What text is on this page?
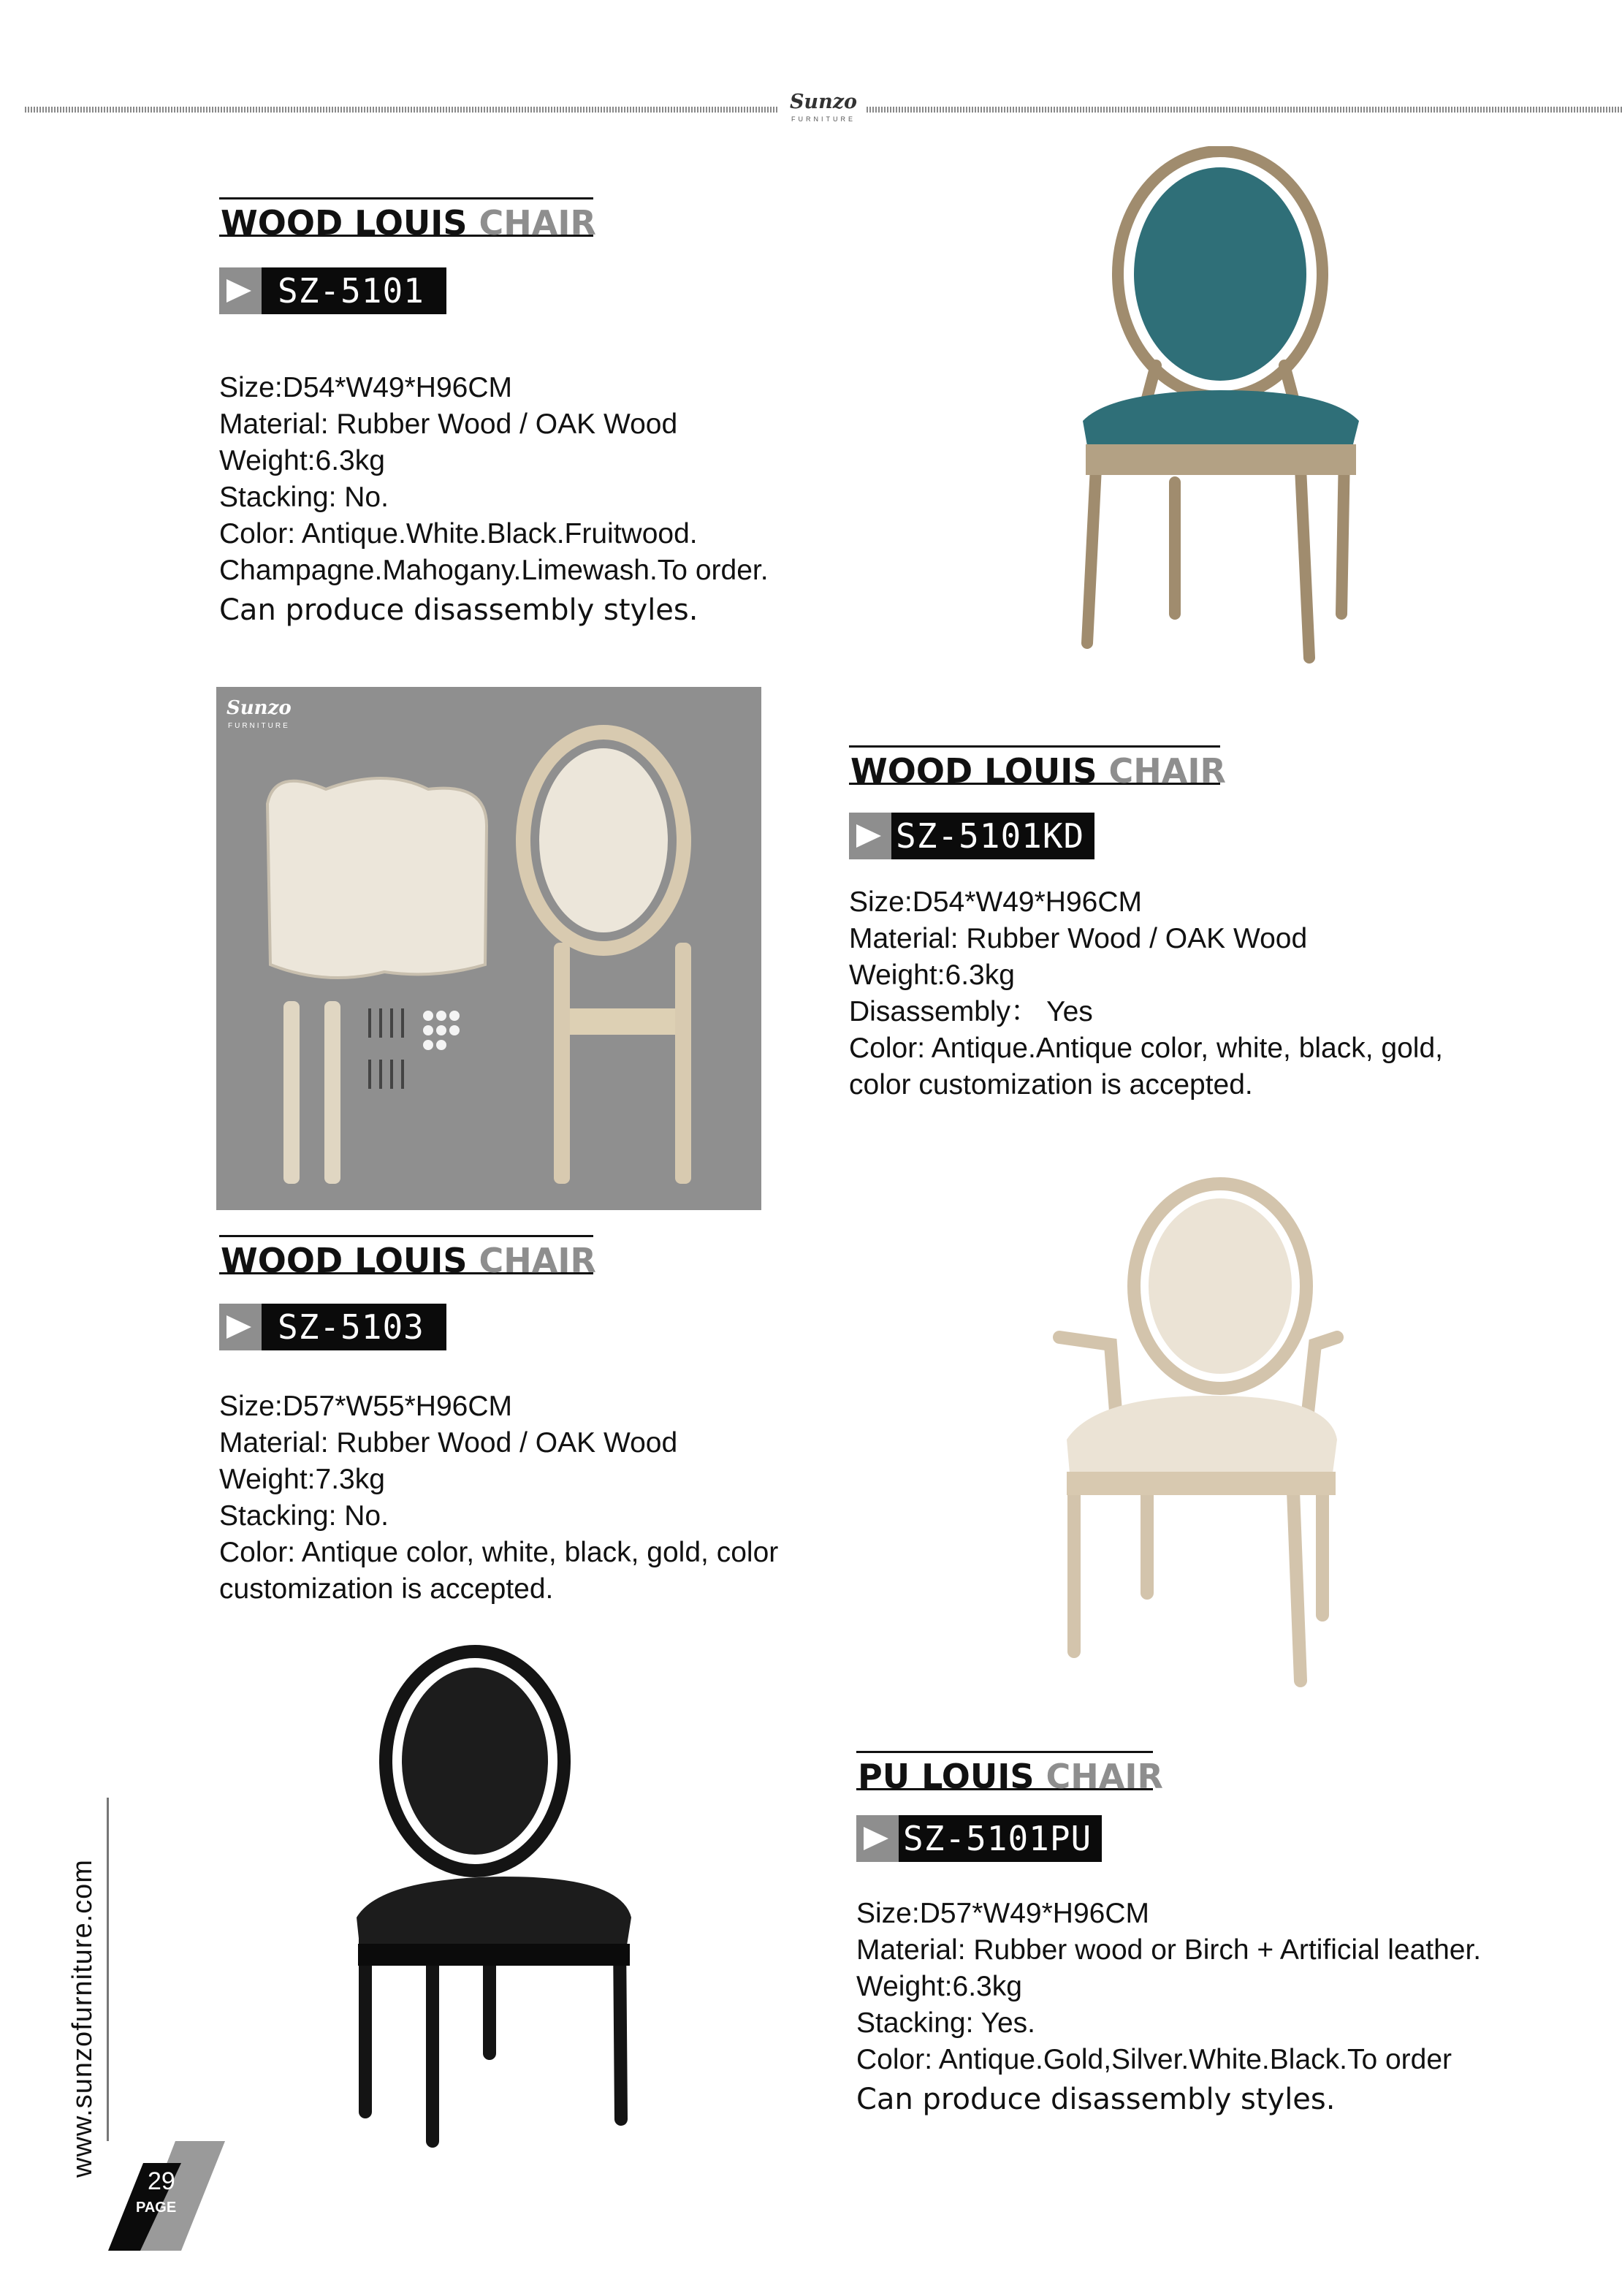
Sunzo
FURNITURE
WOOD LOUIS CHAIR
SZ-5101
Size:D54*W49*H96CM
Material: Rubber Wood / OAK Wood
Weight:6.3kg
Stacking: No.
Color: Antique.White.Black.Fruitwood.
Champagne.Mahogany.Limewash.To order.
Can produce disassembly styles.
Sunzo
FURNITURE
WOOD LOUIS CHAIR
SZ-5101KD
Size:D54*W49*H96CM
Material: Rubber Wood / OAK Wood
Weight:6.3kg
Disassembly： Yes
Color: Antique.Antique color, white, black, gold,
color customization is accepted.
WOOD LOUIS CHAIR
SZ-5103
Size:D57*W55*H96CM
Material: Rubber Wood / OAK Wood
Weight:7.3kg
Stacking: No.
Color: Antique color, white, black, gold, color
customization is accepted.
PU LOUIS CHAIR
SZ-5101PU
Size:D57*W49*H96CM
Material: Rubber wood or Birch + Artificial leather.
Weight:6.3kg
Stacking: Yes.
Color: Antique.Gold,Silver.White.Black.To order
Can produce disassembly styles.
www.sunzofurniture.com
29
PAGE
